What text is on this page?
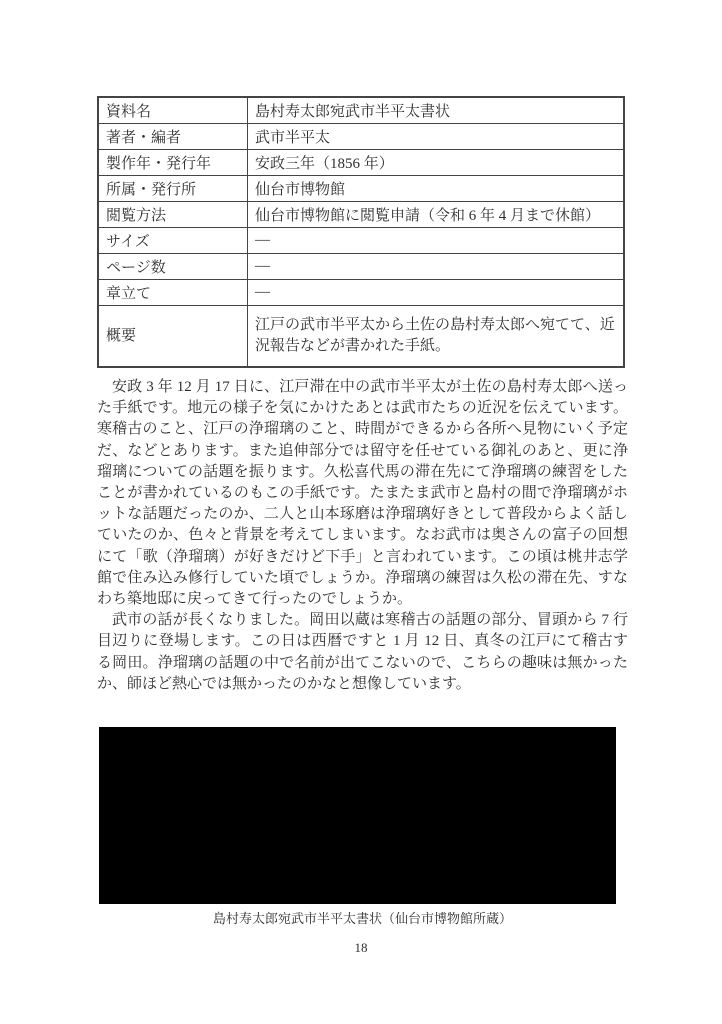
資料名	島村寿太郎宛武市半平太書状
著者・編者	武市半平太
製作年・発行年	安政三年（1856 年）
所属・発行所	仙台市博物館
閲覧方法	仙台市博物館に閲覧申請（令和 6 年 4 月まで休館）
サイズ	―
ページ数	―
章立て	―
概要	江戸の武市半平太から土佐の島村寿太郎へ宛てて、近況報告などが書かれた手紙。

安政 3 年 12 月 17 日に、江戸滞在中の武市半平太が土佐の島村寿太郎へ送った手紙です。地元の様子を気にかけたあとは武市たちの近況を伝えています。寒稽古のこと、江戸の浄瑠璃のこと、時間ができるから各所へ見物にいく予定だ、などとあります。また追伸部分では留守を任せている御礼のあと、更に浄瑠璃についての話題を振ります。久松喜代馬の滞在先にて浄瑠璃の練習をしたことが書かれているのもこの手紙です。たまたま武市と島村の間で浄瑠璃がホットな話題だったのか、二人と山本琢磨は浄瑠璃好きとして普段からよく話していたのか、色々と背景を考えてしまいます。なお武市は奥さんの富子の回想にて「歌（浄瑠璃）が好きだけど下手」と言われています。この頃は桃井志学館で住み込み修行していた頃でしょうか。浄瑠璃の練習は久松の滞在先、すなわち築地邸に戻ってきて行ったのでしょうか。

武市の話が長くなりました。岡田以蔵は寒稽古の話題の部分、冒頭から 7 行目辺りに登場します。この日は西暦ですと 1 月 12 日、真冬の江戸にて稽古する岡田。浄瑠璃の話題の中で名前が出てこないので、こちらの趣味は無かったか、師ほど熱心では無かったのかなと想像しています。

島村寿太郎宛武市半平太書状（仙台市博物館所蔵）
18
